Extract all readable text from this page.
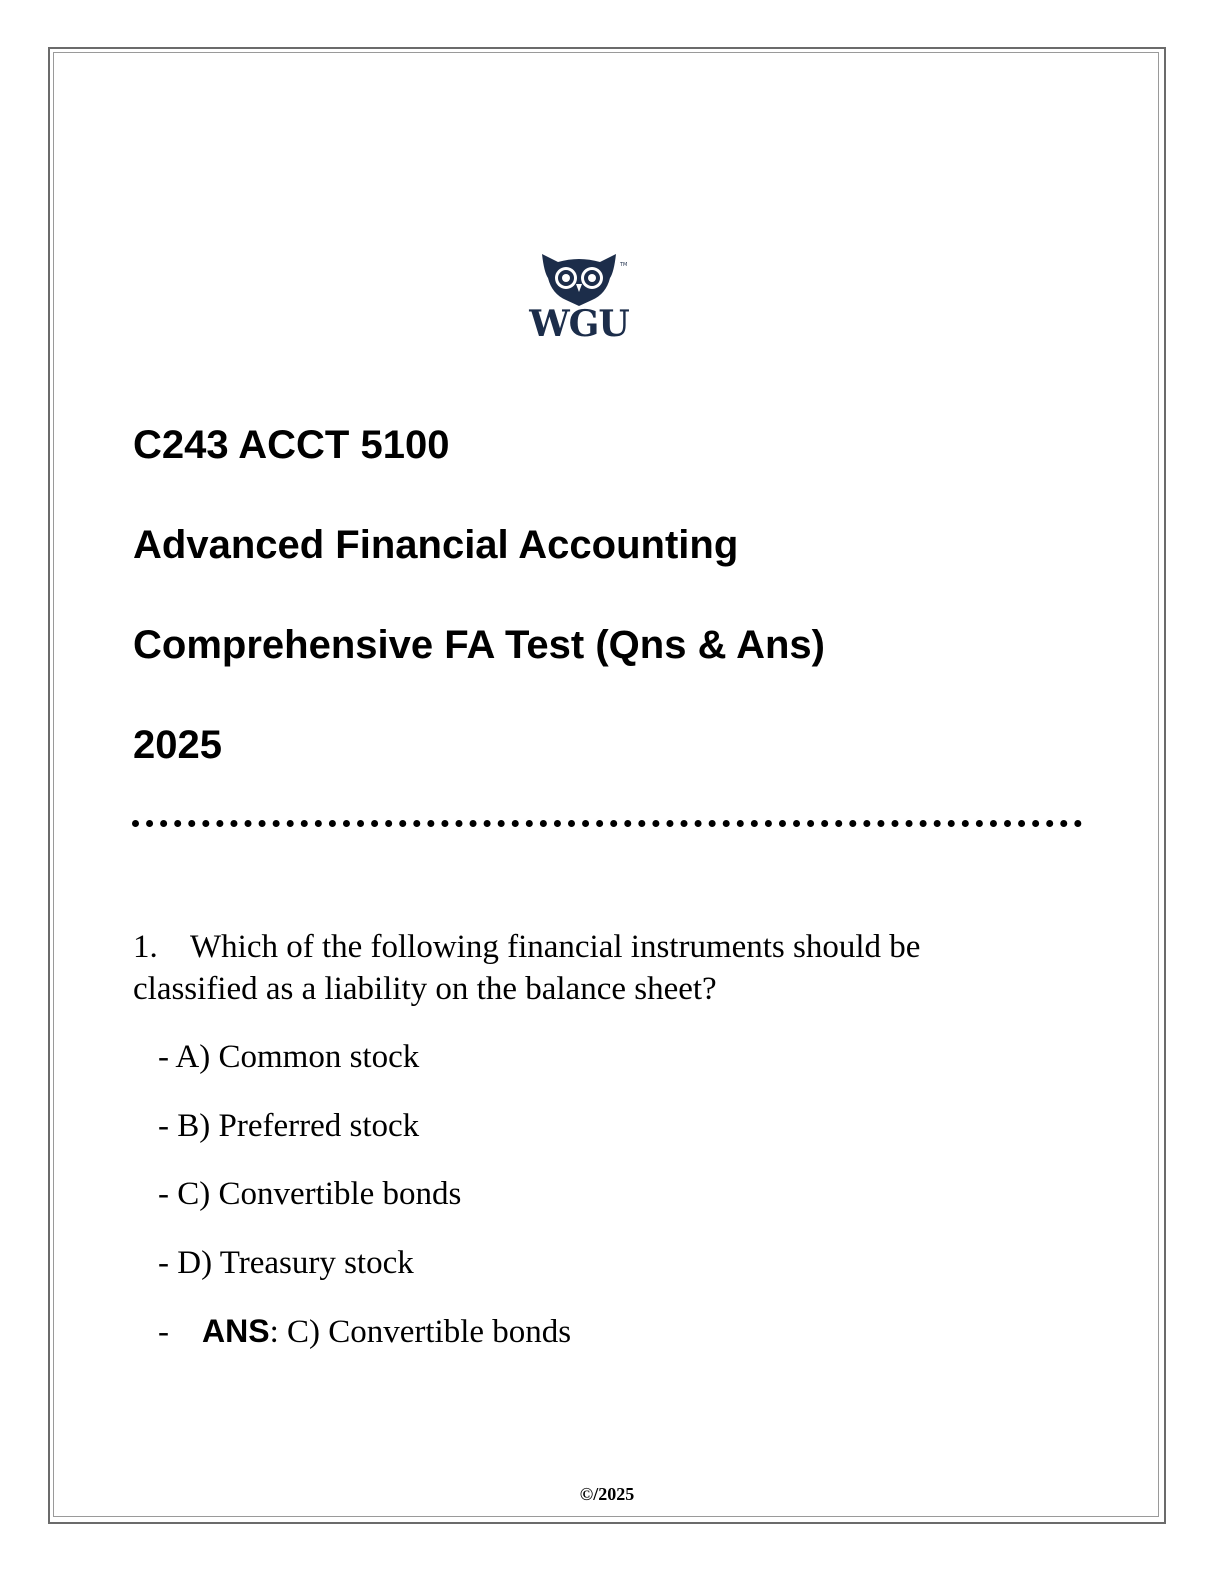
TM
WGU
C243 ACCT 5100
Advanced Financial Accounting
Comprehensive FA Test (Qns & Ans)
2025
1. Which of the following financial instruments should be classified as a liability on the balance sheet?
- A) Common stock
- B) Preferred stock
- C) Convertible bonds
- D) Treasury stock
- ANS: C) Convertible bonds
©/2025
